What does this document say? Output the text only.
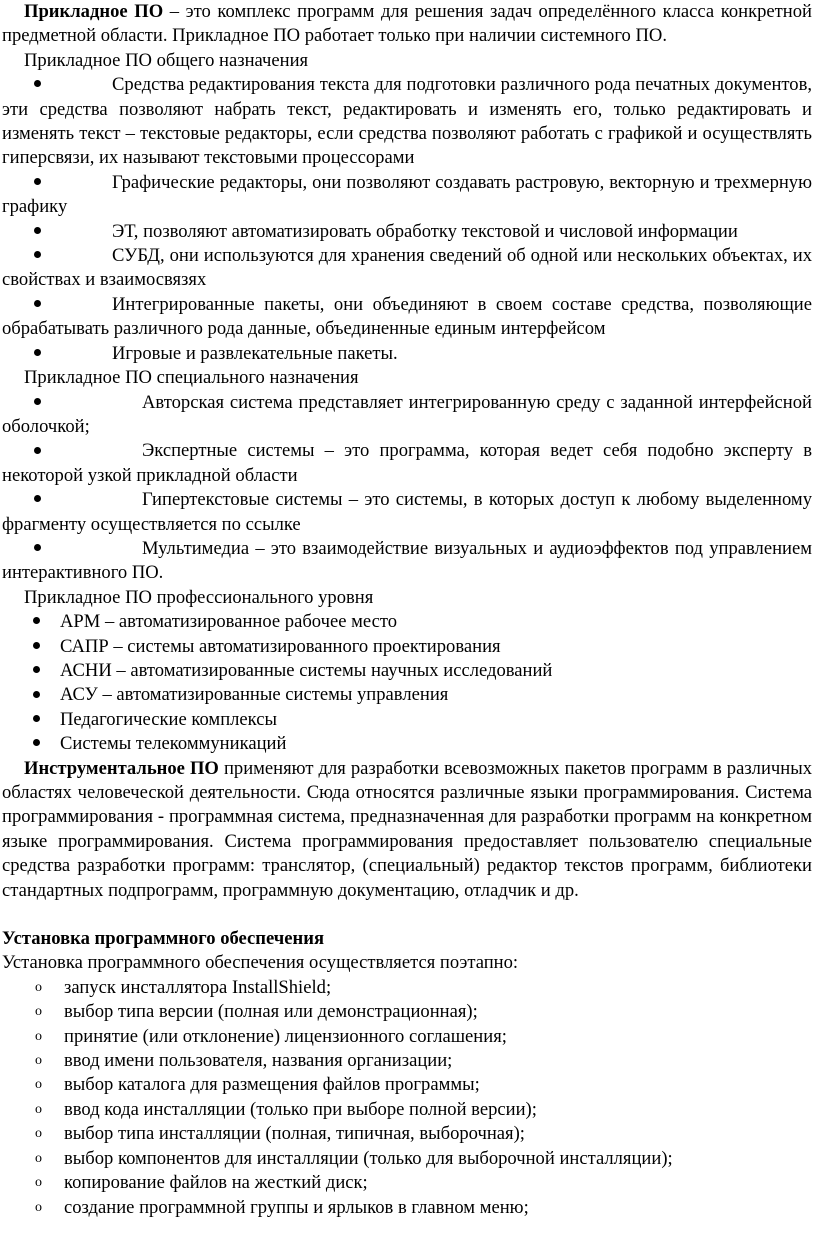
Прикладное ПО – это комплекс программ для решения задач определённого класса конкретной предметной области. Прикладное ПО работает только при наличии системного ПО.

Прикладное ПО общего назначения

Средства редактирования текста для подготовки различного рода печатных документов, эти средства позволяют набрать текст, редактировать и изменять его, только редактировать и изменять текст – текстовые редакторы, если средства позволяют работать с графикой и осуществлять гиперсвязи, их называют текстовыми процессорами

Графические редакторы, они позволяют создавать растровую, векторную и трехмерную графику

ЭТ, позволяют автоматизировать обработку текстовой и числовой информации

СУБД, они используются для хранения сведений об одной или нескольких объектах, их свойствах и взаимосвязях

Интегрированные пакеты, они объединяют в своем составе средства, позволяющие обрабатывать различного рода данные, объединенные единым интерфейсом

Игровые и развлекательные пакеты.

Прикладное ПО специального назначения

Авторская система представляет интегрированную среду с заданной интерфейсной оболочкой;

Экспертные системы – это программа, которая ведет себя подобно эксперту в некоторой узкой прикладной области

Гипертекстовые системы – это системы, в которых доступ к любому выделенному фрагменту осуществляется по ссылке

Мультимедиа – это взаимодействие визуальных и аудиоэффектов под управлением интерактивного ПО.

Прикладное ПО профессионального уровня

АРМ – автоматизированное рабочее место
САПР – системы автоматизированного проектирования
АСНИ – автоматизированные системы научных исследований
АСУ – автоматизированные системы управления
Педагогические комплексы
Системы телекоммуникаций

Инструментальное ПО применяют для разработки всевозможных пакетов программ в различных областях человеческой деятельности. Сюда относятся различные языки программирования. Система программирования - программная система, предназначенная для разработки программ на конкретном языке программирования. Система программирования предоставляет пользователю специальные средства разработки программ: транслятор, (специальный) редактор текстов программ, библиотеки стандартных подпрограмм, программную документацию, отладчик и др.

Установка программного обеспечения

Установка программного обеспечения осуществляется поэтапно:

o запуск инсталлятора InstallShield;
o выбор типа версии (полная или демонстрационная);
o принятие (или отклонение) лицензионного соглашения;
o ввод имени пользователя, названия организации;
o выбор каталога для размещения файлов программы;
o ввод кода инсталляции (только при выборе полной версии);
o выбор типа инсталляции (полная, типичная, выборочная);
o выбор компонентов для инсталляции (только для выборочной инсталляции);
o копирование файлов на жесткий диск;
o создание программной группы и ярлыков в главном меню;
